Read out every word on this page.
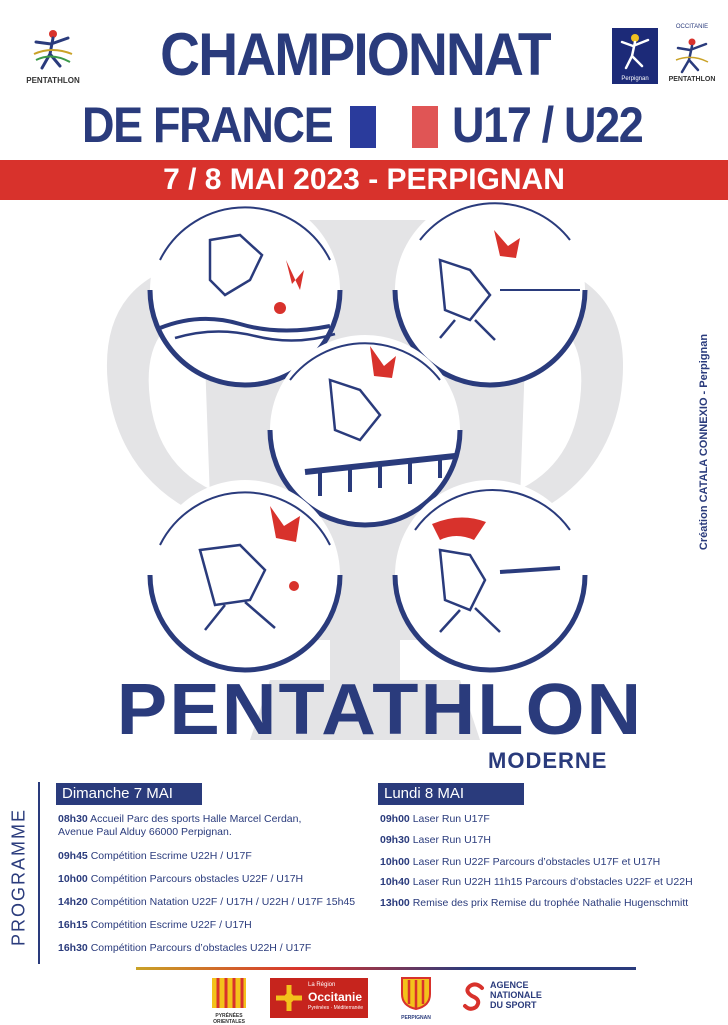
PENTATHLON	CHAMPIONNAT
DE FRANCE U17 / U22
Perpignan
OCCITANIE
PENTATHLON
7 / 8 MAI 2023 - PERPIGNAN
Création CATALA CONNEXIO - Perpignan
PENTATHLON
MODERNE
PROGRAMME
Dimanche 7 MAI
08h30 Accueil Parc des sports Halle Marcel Cerdan,
Avenue Paul Alduy 66000 Perpignan.
09h45 Compétition Escrime U22H / U17F
10h00 Compétition Parcours obstacles U22F / U17H
14h20 Compétition Natation U22F / U17H / U22H / U17F 15h45
16h15 Compétition Escrime U22F / U17H
16h30 Compétition Parcours d’obstacles U22H / U17F
Lundi 8 MAI
09h00 Laser Run U17F
09h30 Laser Run U17H
10h00 Laser Run U22F Parcours d’obstacles U17F et U17H
10h40 Laser Run U22H 11h15 Parcours d’obstacles U22F et U22H
13h00 Remise des prix Remise du trophée Nathalie Hugenschmitt
PYRÉNÉES ORIENTALES
La Région
Occitanie
Pyrénées · Méditerranée
PERPIGNAN
AGENCE
NATIONALE
DU SPORT
